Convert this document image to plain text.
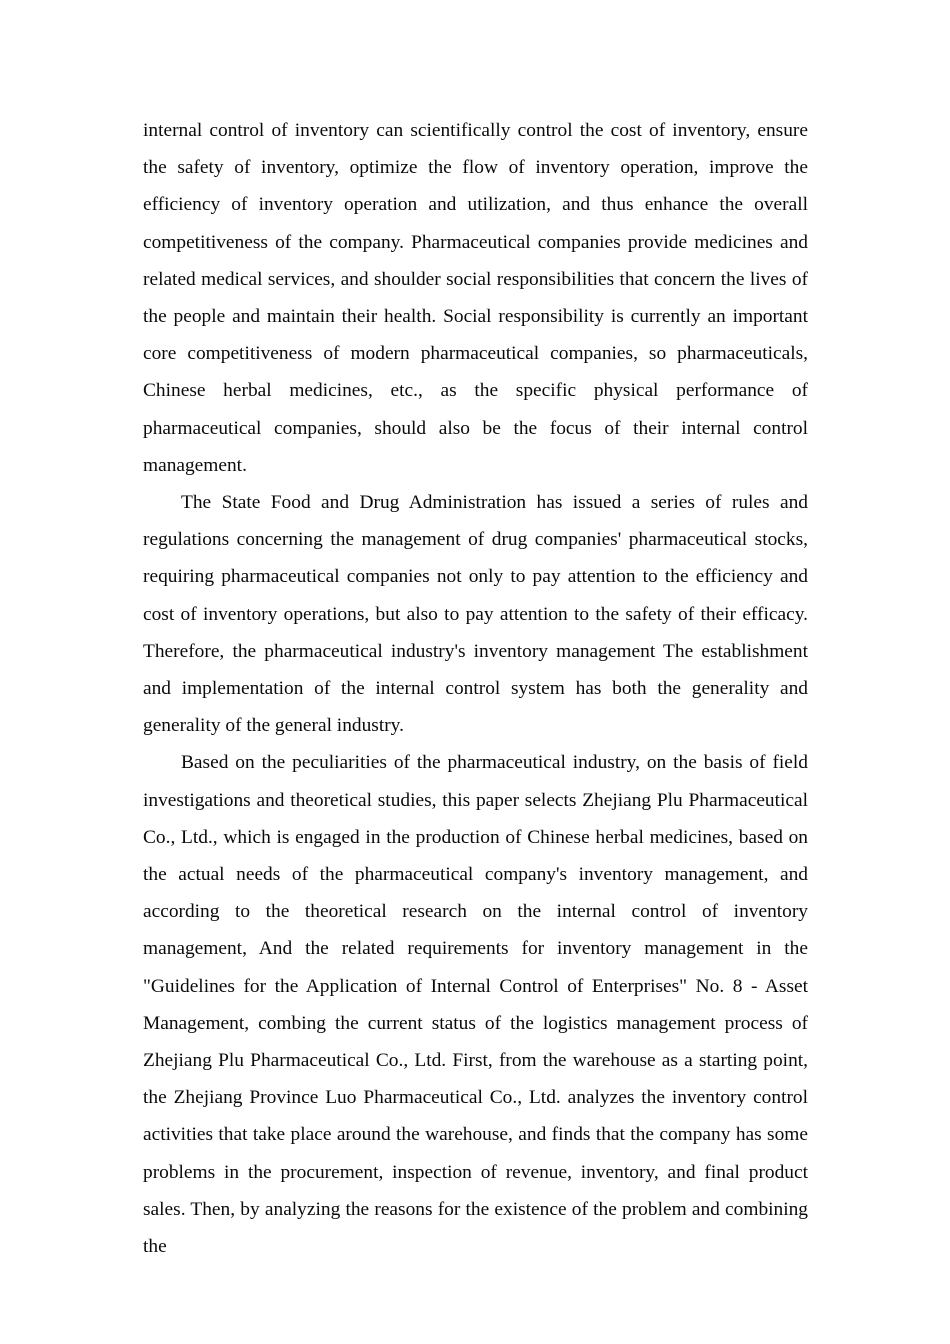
internal control of inventory can scientifically control the cost of inventory, ensure the safety of inventory, optimize the flow of inventory operation, improve the efficiency of inventory operation and utilization, and thus enhance the overall competitiveness of the company. Pharmaceutical companies provide medicines and related medical services, and shoulder social responsibilities that concern the lives of the people and maintain their health. Social responsibility is currently an important core competitiveness of modern pharmaceutical companies, so pharmaceuticals, Chinese herbal medicines, etc., as the specific physical performance of pharmaceutical companies, should also be the focus of their internal control management.

The State Food and Drug Administration has issued a series of rules and regulations concerning the management of drug companies' pharmaceutical stocks, requiring pharmaceutical companies not only to pay attention to the efficiency and cost of inventory operations, but also to pay attention to the safety of their efficacy. Therefore, the pharmaceutical industry's inventory management The establishment and implementation of the internal control system has both the generality and generality of the general industry.

Based on the peculiarities of the pharmaceutical industry, on the basis of field investigations and theoretical studies, this paper selects Zhejiang Plu Pharmaceutical Co., Ltd., which is engaged in the production of Chinese herbal medicines, based on the actual needs of the pharmaceutical company's inventory management, and according to the theoretical research on the internal control of inventory management, And the related requirements for inventory management in the "Guidelines for the Application of Internal Control of Enterprises" No. 8 - Asset Management, combing the current status of the logistics management process of Zhejiang Plu Pharmaceutical Co., Ltd. First, from the warehouse as a starting point, the Zhejiang Province Luo Pharmaceutical Co., Ltd. analyzes the inventory control activities that take place around the warehouse, and finds that the company has some problems in the procurement, inspection of revenue, inventory, and final product sales. Then, by analyzing the reasons for the existence of the problem and combining the
